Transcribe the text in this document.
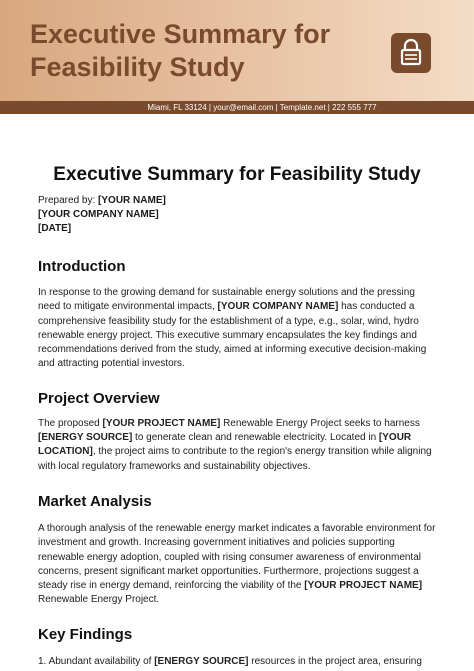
Executive Summary for
Feasibility Study
Miami, FL 33124 | your@email.com | Template.net | 222 555 777
Executive Summary for Feasibility Study

Prepared by: [YOUR NAME]

[YOUR COMPANY NAME]

[DATE]

Introduction

In response to the growing demand for sustainable energy solutions and the pressing need to mitigate environmental impacts, [YOUR COMPANY NAME] has conducted a comprehensive feasibility study for the establishment of a type, e.g., solar, wind, hydro renewable energy project. This executive summary encapsulates the key findings and recommendations derived from the study, aimed at informing executive decision-making and attracting potential investors.

Project Overview

The proposed [YOUR PROJECT NAME] Renewable Energy Project seeks to harness [ENERGY SOURCE] to generate clean and renewable electricity. Located in [YOUR LOCATION], the project aims to contribute to the region's energy transition while aligning with local regulatory frameworks and sustainability objectives.

Market Analysis

A thorough analysis of the renewable energy market indicates a favorable environment for investment and growth. Increasing government initiatives and policies supporting renewable energy adoption, coupled with rising consumer awareness of environmental concerns, present significant market opportunities. Furthermore, projections suggest a steady rise in energy demand, reinforcing the viability of the [YOUR PROJECT NAME] Renewable Energy Project.

Key Findings

1. Abundant availability of [ENERGY SOURCE] resources in the project area, ensuring
